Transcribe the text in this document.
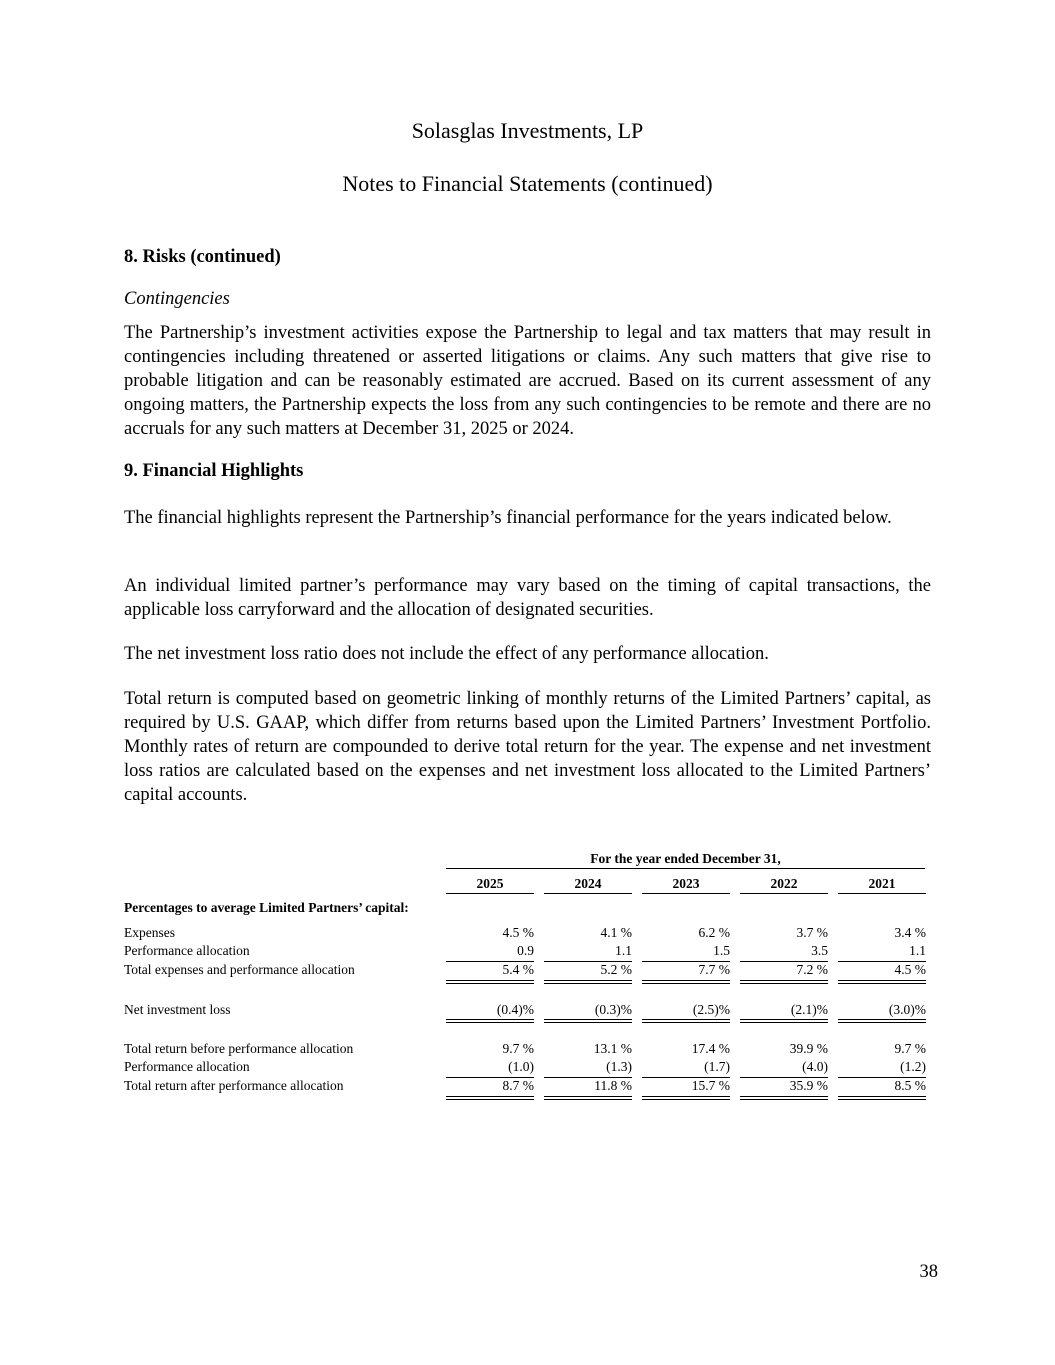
Solasglas Investments, LP
Notes to Financial Statements (continued)
8. Risks (continued)
Contingencies
The Partnership’s investment activities expose the Partnership to legal and tax matters that may result in contingencies including threatened or asserted litigations or claims. Any such matters that give rise to probable litigation and can be reasonably estimated are accrued. Based on its current assessment of any ongoing matters, the Partnership expects the loss from any such contingencies to be remote and there are no accruals for any such matters at December 31, 2025 or 2024.
9. Financial Highlights
The financial highlights represent the Partnership’s financial performance for the years indicated below.
An individual limited partner’s performance may vary based on the timing of capital transactions, the applicable loss carryforward and the allocation of designated securities.
The net investment loss ratio does not include the effect of any performance allocation.
Total return is computed based on geometric linking of monthly returns of the Limited Partners’ capital, as required by U.S. GAAP, which differ from returns based upon the Limited Partners’ Investment Portfolio. Monthly rates of return are compounded to derive total return for the year. The expense and net investment loss ratios are calculated based on the expenses and net investment loss allocated to the Limited Partners’ capital accounts.
For the year ended December 31,
Percentages to average Limited Partners’ capital:
2025	2024	2023	2022	2021
Expenses	4.5 %	4.1 %	6.2 %	3.7 %	3.4 %
Performance allocation	0.9	1.1	1.5	3.5	1.1
Total expenses and performance allocation	5.4 %	5.2 %	7.7 %	7.2 %	4.5 %
Net investment loss	(0.4)%	(0.3)%	(2.5)%	(2.1)%	(3.0)%
Total return before performance allocation	9.7 %	13.1 %	17.4 %	39.9 %	9.7 %
Performance allocation	(1.0)	(1.3)	(1.7)	(4.0)	(1.2)
Total return after performance allocation	8.7 %	11.8 %	15.7 %	35.9 %	8.5 %
38
